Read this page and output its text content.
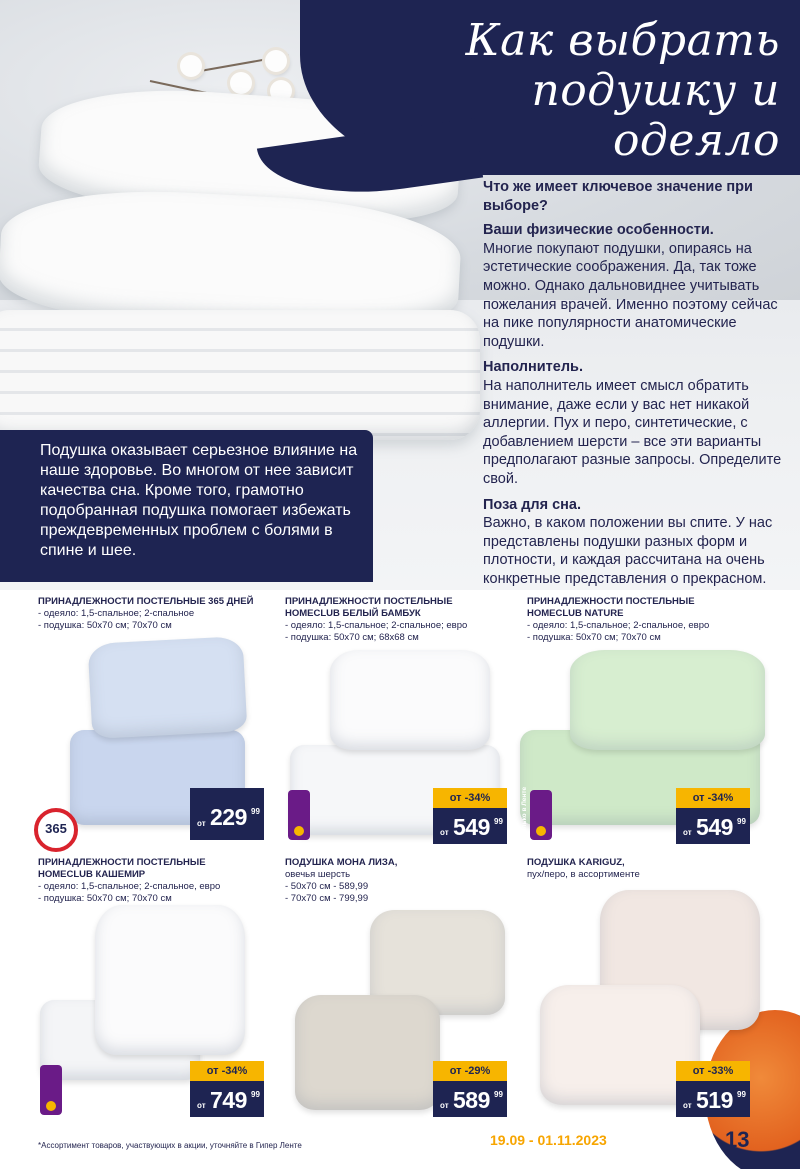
Как выбрать
подушку и одеяло
Что же имеет ключевое значение при выборе?
Ваши физические особенности.
Многие покупают подушки, опираясь на эстетические соображения. Да, так тоже можно. Однако дальновиднее учитывать пожелания врачей. Именно поэтому сейчас на пике популярности анатомические подушки.
Наполнитель.
На наполнитель имеет смысл обратить внимание, даже если у вас нет никакой аллергии. Пух и перо, синтетические, с добавлением шерсти – все эти варианты предполагают разные запросы. Определите свой.
Поза для сна.
Важно, в каком положении вы спите. У нас представлены подушки разных форм и плотности, и каждая рассчитана на очень конкретные представления о прекрасном.
Подушка оказывает серьезное влияние на наше здоровье. Во многом от нее зависит качества сна. Кроме того, грамотно подобранная подушка помогает избежать преждевременных проблем с болями в спине и шее.
ПРИНАДЛЕЖНОСТИ ПОСТЕЛЬНЫЕ 365 ДНЕЙ
- одеяло: 1,5-спальное; 2-спальное
- подушка: 50х70 см; 70х70 см
365	от 229 99
ПРИНАДЛЕЖНОСТИ ПОСТЕЛЬНЫЕ HOMECLUB БЕЛЫЙ БАМБУК
- одеяло: 1,5-спальное; 2-спальное; евро
- подушка: 50х70 см; 68х68 см
Только в Ленте	от -34%
от 549 99
ПРИНАДЛЕЖНОСТИ ПОСТЕЛЬНЫЕ HOMECLUB NATURE
- одеяло: 1,5-спальное; 2-спальное, евро
- подушка: 50х70 см; 70х70 см
Только в Ленте	от -34%
от 549 99
ПРИНАДЛЕЖНОСТИ ПОСТЕЛЬНЫЕ HOMECLUB КАШЕМИР
- одеяло: 1,5-спальное; 2-спальное, евро
- подушка: 50х70 см; 70х70 см
Только в Ленте	от -34%
от 749 99
ПОДУШКА МОНА ЛИЗА,
овечья шерсть
- 50х70 см - 589,99
- 70х70 см - 799,99
от -29%
от 589 99
ПОДУШКА KARIGUZ,
пух/перо, в ассортименте
от -33%
от 519 99
*Ассортимент товаров, участвующих в акции, уточняйте в Гипер Ленте	19.09 - 01.11.2023	13
